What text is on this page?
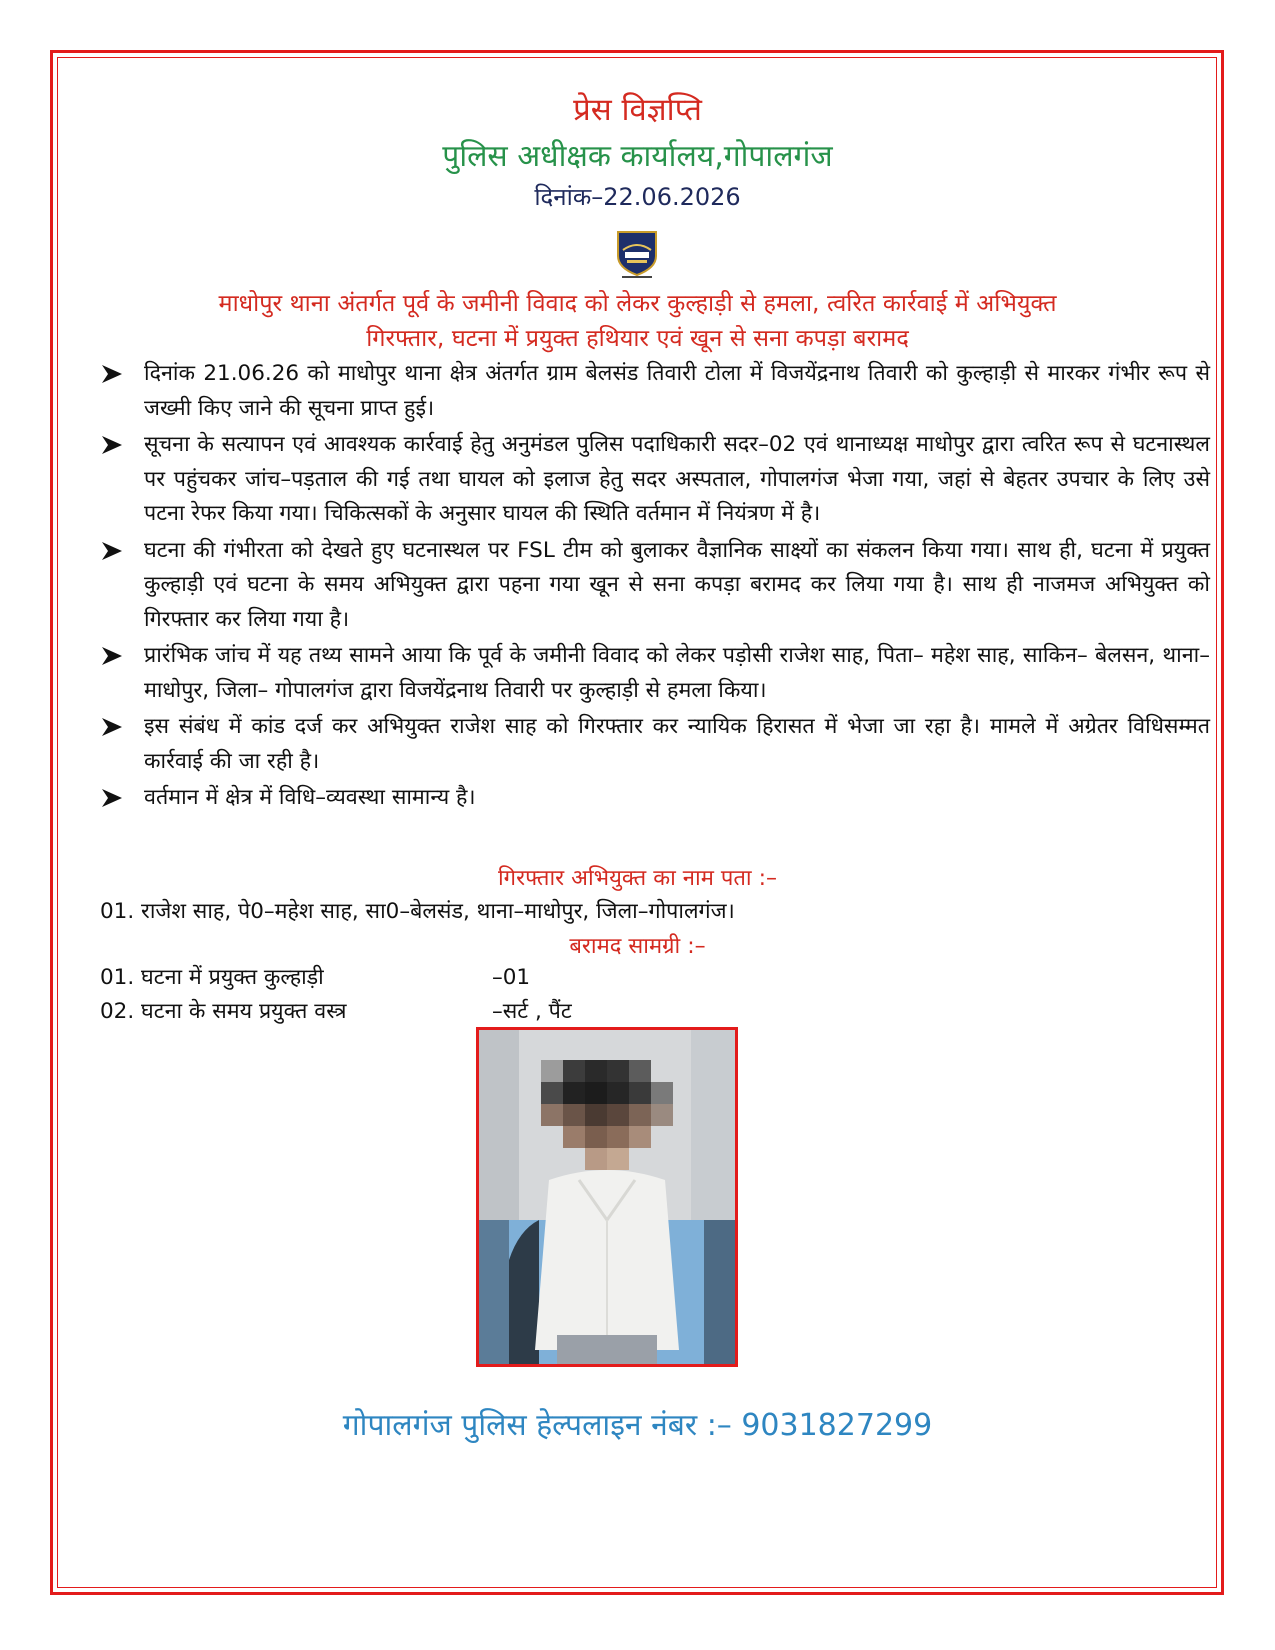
प्रेस विज्ञप्ति
पुलिस अधीक्षक कार्यालय,गोपालगंज
दिनांक–22.06.2026
माधोपुर थाना अंतर्गत पूर्व के जमीनी विवाद को लेकर कुल्हाड़ी से हमला, त्वरित कार्रवाई में अभियुक्त
गिरफ्तार, घटना में प्रयुक्त हथियार एवं खून से सना कपड़ा बरामद
दिनांक 21.06.26 को माधोपुर थाना क्षेत्र अंतर्गत ग्राम बेलसंड तिवारी टोला में विजयेंद्रनाथ तिवारी को कुल्हाड़ी से मारकर गंभीर रूप से जख्मी किए जाने की सूचना प्राप्त हुई।
सूचना के सत्यापन एवं आवश्यक कार्रवाई हेतु अनुमंडल पुलिस पदाधिकारी सदर–02 एवं थानाध्यक्ष माधोपुर द्वारा त्वरित रूप से घटनास्थल पर पहुंचकर जांच–पड़ताल की गई तथा घायल को इलाज हेतु सदर अस्पताल, गोपालगंज भेजा गया, जहां से बेहतर उपचार के लिए उसे पटना रेफर किया गया। चिकित्सकों के अनुसार घायल की स्थिति वर्तमान में नियंत्रण में है।
घटना की गंभीरता को देखते हुए घटनास्थल पर FSL टीम को बुलाकर वैज्ञानिक साक्ष्यों का संकलन किया गया। साथ ही, घटना में प्रयुक्त कुल्हाड़ी एवं घटना के समय अभियुक्त द्वारा पहना गया खून से सना कपड़ा बरामद कर लिया गया है। साथ ही नाजमज अभियुक्त को गिरफ्तार कर लिया गया है।
प्रारंभिक जांच में यह तथ्य सामने आया कि पूर्व के जमीनी विवाद को लेकर पड़ोसी राजेश साह, पिता– महेश साह, साकिन– बेलसन, थाना– माधोपुर, जिला– गोपालगंज द्वारा विजयेंद्रनाथ तिवारी पर कुल्हाड़ी से हमला किया।
इस संबंध में कांड दर्ज कर अभियुक्त राजेश साह को गिरफ्तार कर न्यायिक हिरासत में भेजा जा रहा है। मामले में अग्रेतर विधिसम्मत कार्रवाई की जा रही है।
वर्तमान में क्षेत्र में विधि–व्यवस्था सामान्य है।
गिरफ्तार अभियुक्त का नाम पता :–
01. राजेश साह, पे0–महेश साह, सा0–बेलसंड, थाना–माधोपुर, जिला–गोपालगंज।
बरामद सामग्री :–
01. घटना में प्रयुक्त कुल्हाड़ी	–01
02. घटना के समय प्रयुक्त वस्त्र	–सर्ट , पैंट
गोपालगंज पुलिस हेल्पलाइन नंबर :– 9031827299
